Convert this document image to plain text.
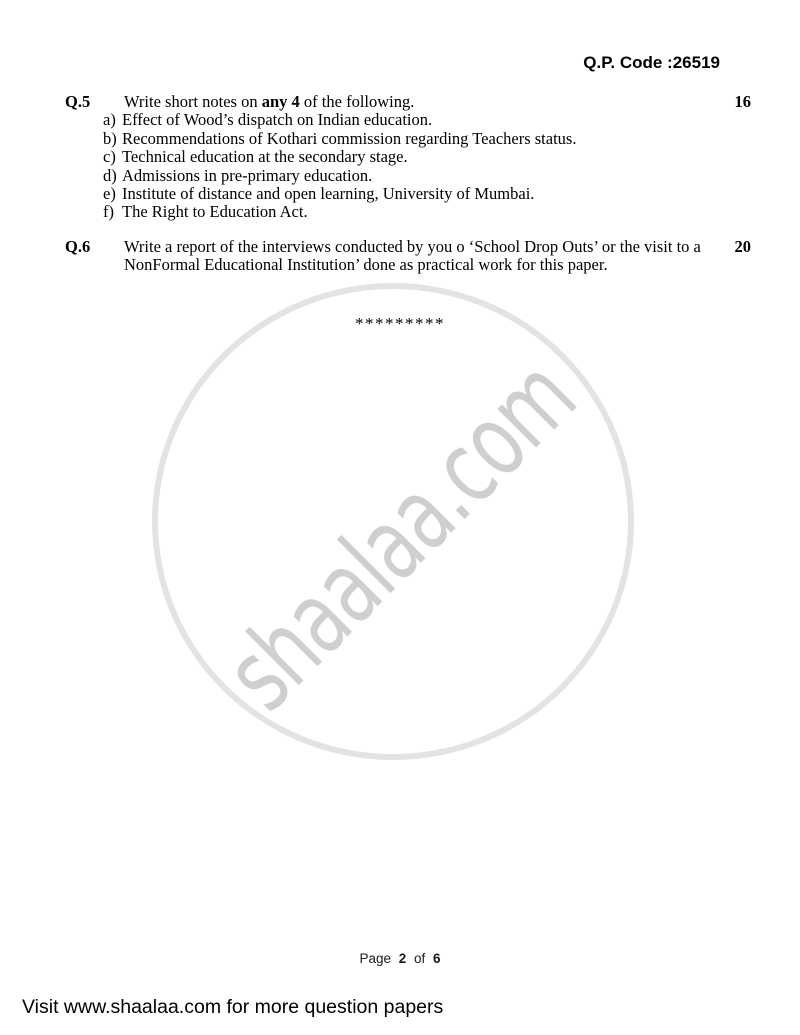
shaalaa.com
Q.P. Code :26519
Q.5 Write short notes on any 4 of the following.	16
a) Effect of Wood’s dispatch on Indian education.
b) Recommendations of Kothari commission regarding Teachers status.
c) Technical education at the secondary stage.
d) Admissions in pre-primary education.
e) Institute of distance and open learning, University of Mumbai.
f) The Right to Education Act.
Q.6 Write a report of the interviews conducted by you o ‘School Drop Outs’ or the visit to a	20
NonFormal Educational Institution’ done as practical work for this paper.
*********
Page 2 of 6
Visit www.shaalaa.com for more question papers
